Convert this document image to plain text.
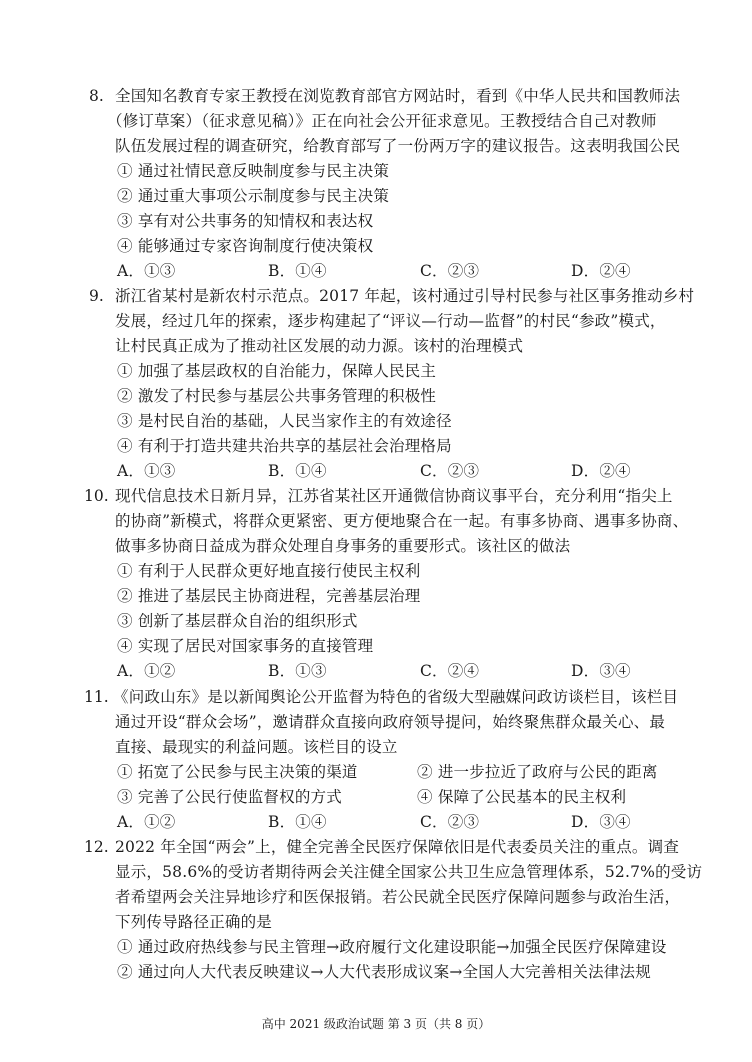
8. 全国知名教育专家王教授在浏览教育部官方网站时，看到《中华人民共和国教师法
（修订草案）（征求意见稿）》正在向社会公开征求意见。王教授结合自己对教师
队伍发展过程的调查研究，给教育部写了一份两万字的建议报告。这表明我国公民
① 通过社情民意反映制度参与民主决策
② 通过重大事项公示制度参与民主决策
③ 享有对公共事务的知情权和表达权
④ 能够通过专家咨询制度行使决策权
A．①③	B．①④	C．②③	D．②④
9. 浙江省某村是新农村示范点。2017 年起，该村通过引导村民参与社区事务推动乡村
发展，经过几年的探索，逐步构建起了“评议—行动—监督”的村民“参政”模式，
让村民真正成为了推动社区发展的动力源。该村的治理模式
① 加强了基层政权的自治能力，保障人民民主
② 激发了村民参与基层公共事务管理的积极性
③ 是村民自治的基础，人民当家作主的有效途径
④ 有利于打造共建共治共享的基层社会治理格局
A．①③	B．①④	C．②③	D．②④
10. 现代信息技术日新月异，江苏省某社区开通微信协商议事平台，充分利用“指尖上
的协商”新模式，将群众更紧密、更方便地聚合在一起。有事多协商、遇事多协商、
做事多协商日益成为群众处理自身事务的重要形式。该社区的做法
① 有利于人民群众更好地直接行使民主权利
② 推进了基层民主协商进程，完善基层治理
③ 创新了基层群众自治的组织形式
④ 实现了居民对国家事务的直接管理
A．①②	B．①③	C．②④	D．③④
11. 《问政山东》是以新闻舆论公开监督为特色的省级大型融媒问政访谈栏目，该栏目
通过开设“群众会场”，邀请群众直接向政府领导提问，始终聚焦群众最关心、最
直接、最现实的利益问题。该栏目的设立
① 拓宽了公民参与民主决策的渠道	② 进一步拉近了政府与公民的距离
③ 完善了公民行使监督权的方式	④ 保障了公民基本的民主权利
A．①②	B．①④	C．②③	D．③④
12. 2022 年全国“两会”上，健全完善全民医疗保障依旧是代表委员关注的重点。调查
显示，58.6%的受访者期待两会关注健全国家公共卫生应急管理体系，52.7%的受访
者希望两会关注异地诊疗和医保报销。若公民就全民医疗保障问题参与政治生活，
下列传导路径正确的是
① 通过政府热线参与民主管理→政府履行文化建设职能→加强全民医疗保障建设
② 通过向人大代表反映建议→人大代表形成议案→全国人大完善相关法律法规
高中 2021 级政治试题 第 3 页（共 8 页）
